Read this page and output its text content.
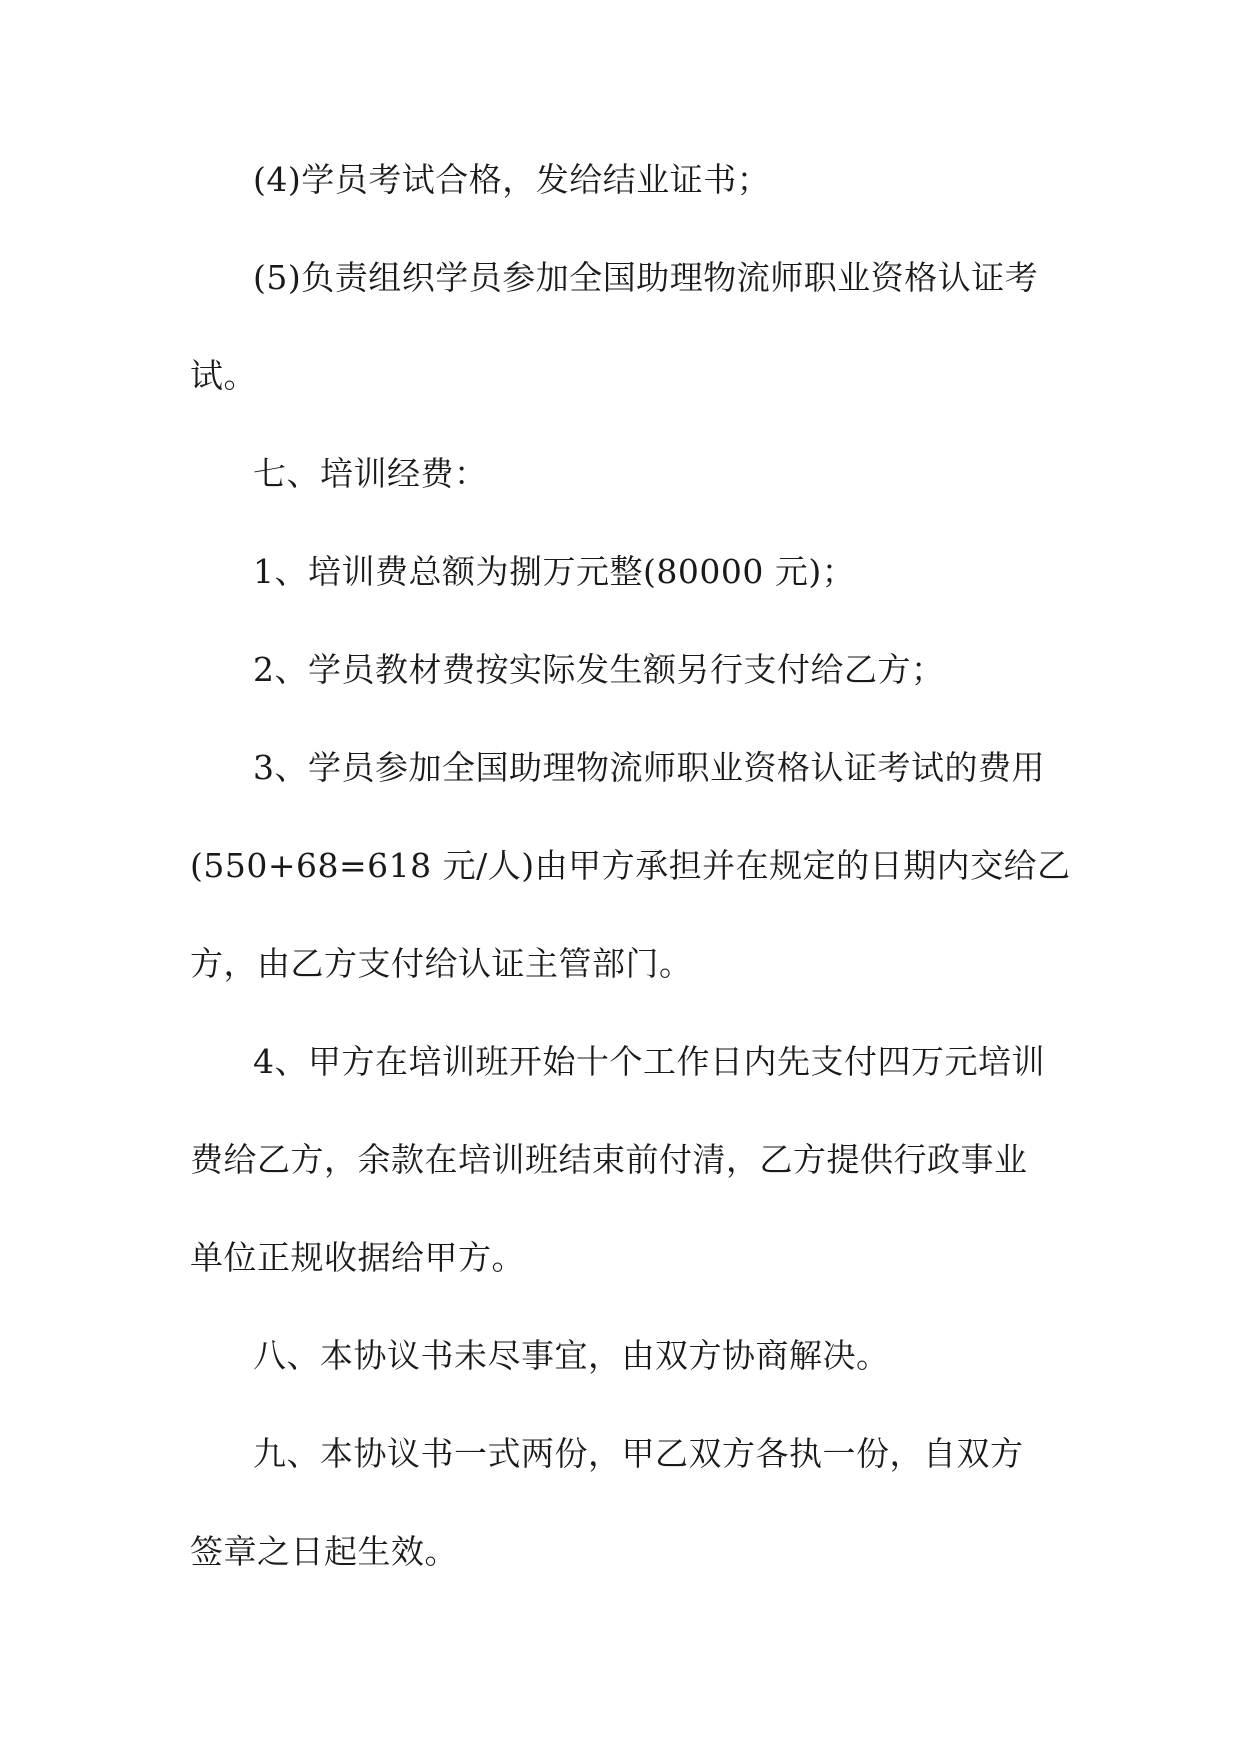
(4)学员考试合格，发给结业证书；

(5)负责组织学员参加全国助理物流师职业资格认证考

试。

七、培训经费：

1、培训费总额为捌万元整(80000 元)；

2、学员教材费按实际发生额另行支付给乙方；

3、学员参加全国助理物流师职业资格认证考试的费用

(550+68=618 元/人)由甲方承担并在规定的日期内交给乙

方，由乙方支付给认证主管部门。

4、甲方在培训班开始十个工作日内先支付四万元培训

费给乙方，余款在培训班结束前付清，乙方提供行政事业

单位正规收据给甲方。

八、本协议书未尽事宜，由双方协商解决。

九、本协议书一式两份，甲乙双方各执一份，自双方

签章之日起生效。
